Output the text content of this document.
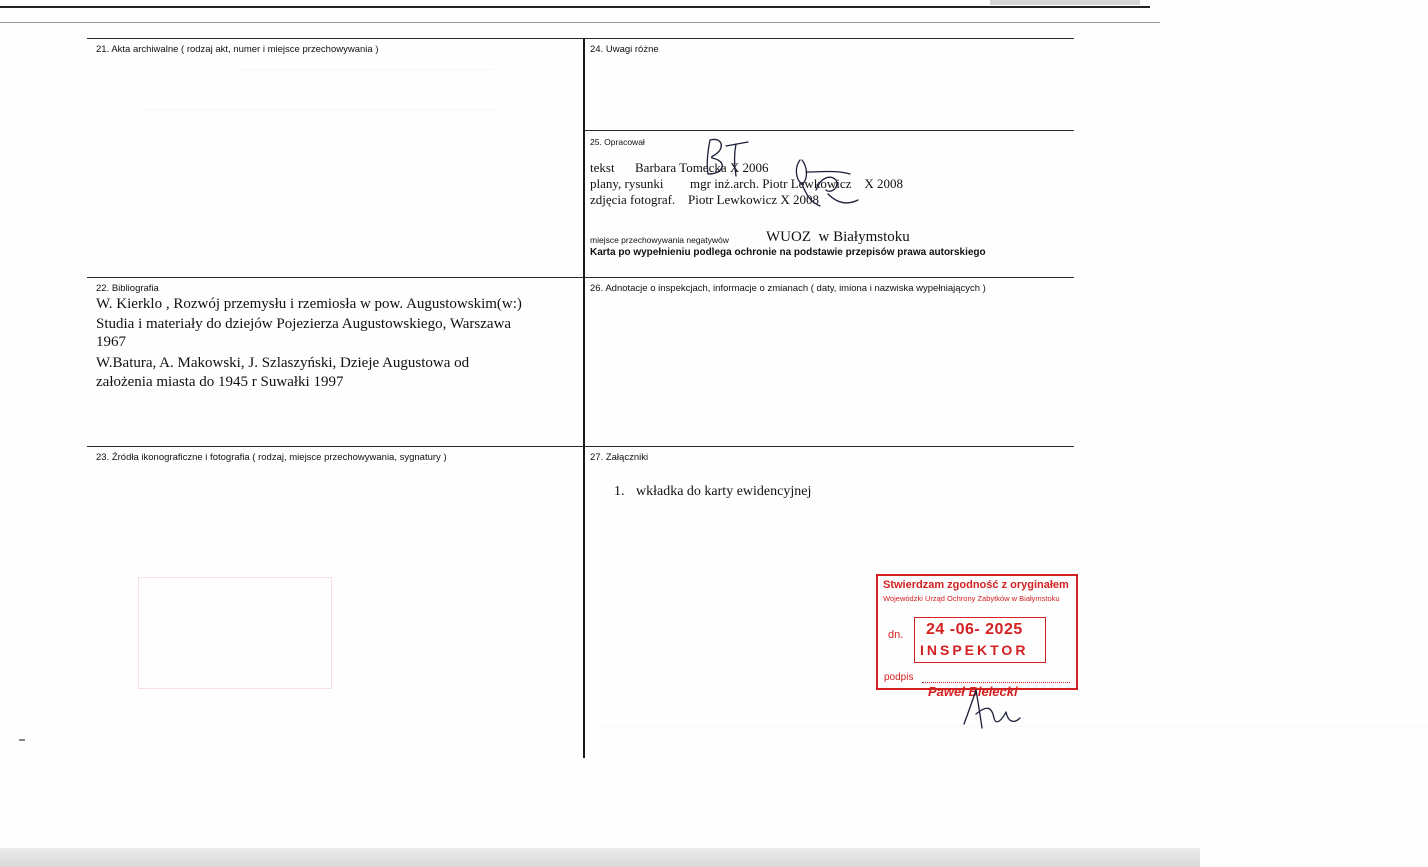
________________________________________________
____________________________________________________________________
____________________________________________________________________________________________________________________________________________________________
21. Akta archiwalne ( rodzaj akt, numer i miejsce przechowywania )	24. Uwagi różne
25. Opracował
tekst Barbara Tomecka X 2006
plany, rysunki mgr inż.arch. Piotr Lewkowicz    X 2008
zdjęcia fotograf. Piotr Lewkowicz X 2008
miejsce przechowywania negatywów WUOZ  w Białymstoku
Karta po wypełnieniu podlega ochronie na podstawie przepisów prawa autorskiego
22. Bibliografia
W. Kierklo , Rozwój przemysłu i rzemiosła w pow. Augustowskim(w:)
Studia i materiały do dziejów Pojezierza Augustowskiego, Warszawa
1967
W.Batura, A. Makowski, J. Szlaszyński, Dzieje Augustowa od
założenia miasta do 1945 r Suwałki 1997
26. Adnotacje o inspekcjach, informacje o zmianach ( daty, imiona i nazwiska wypełniających )
23. Źródła ikonograficzne i fotografia ( rodzaj, miejsce przechowywania, sygnatury )	27. Załączniki
1. wkładka do karty ewidencyjnej
Stwierdzam zgodność z oryginałem
Wojewódzki Urząd Ochrony Zabytków w Białymstoku
dn. 24 -06- 2025
INSPEKTOR
podpis
Paweł Bielecki
